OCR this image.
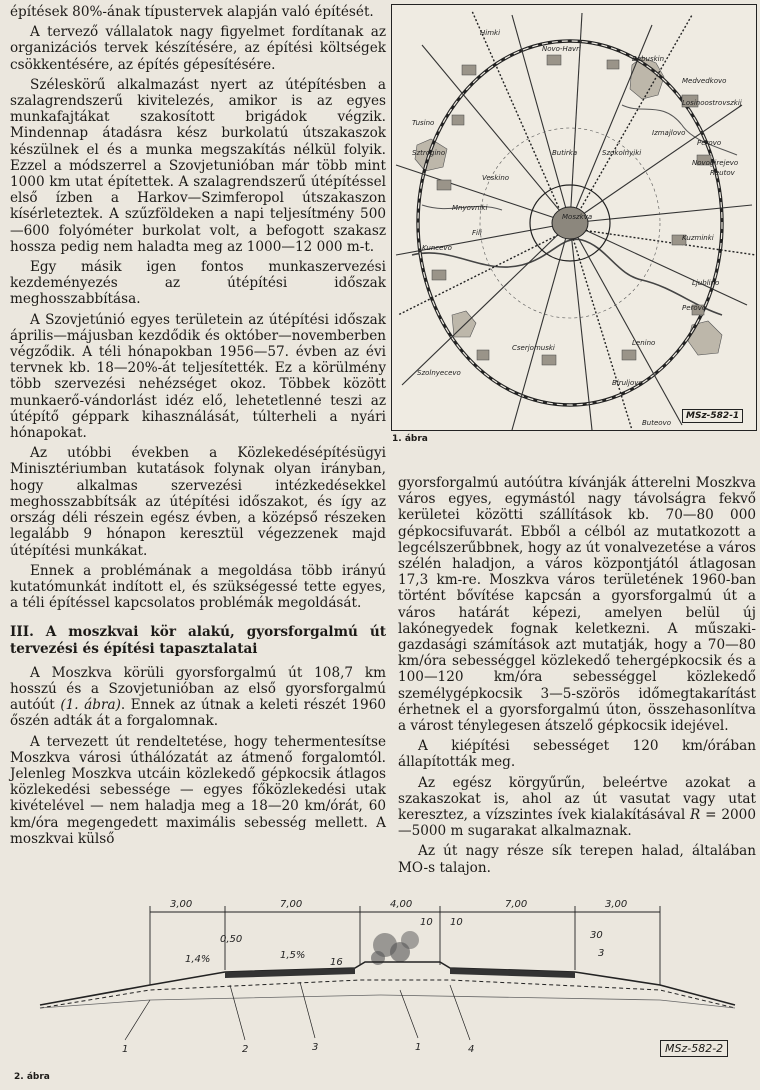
építések 80%-ának típustervek alapján való építését.

A tervező vállalatok nagy figyelmet fordítanak az organizációs tervek készítésére, az építési költségek csökkentésére, az építés gépesítésére.

Széleskörű alkalmazást nyert az útépítésben a szalagrendszerű kivitelezés, amikor is az egyes munkafajtákat szakosított brigádok végzik. Mindennap átadásra kész burkolatú útszakaszok készülnek el és a munka megszakítás nélkül folyik. Ezzel a módszerrel a Szovjetunióban már több mint 1000 km utat építettek. A szalagrendszerű útépítéssel első ízben a Harkov—Szimferopol útszakaszon kísérleteztek. A szűzföldeken a napi teljesítmény 500—600 folyóméter burkolat volt, a befogott szakasz hossza pedig nem haladta meg az 1000—12 000 m-t.

Egy másik igen fontos munkaszervezési kezdeményezés az útépítési időszak meghosszabbítása.

A Szovjetúnió egyes területein az útépítési időszak április—májusban kezdődik és október—novemberben végződik. A téli hónapokban 1956—57. évben az évi tervnek kb. 18—20%-át teljesítették. Ez a körülmény több szervezési nehézséget okoz. Többek között munkaerő-vándorlást idéz elő, lehetetlenné teszi az útépítő géppark kihasználását, túlterheli a nyári hónapokat.

Az utóbbi években a Közlekedésépítésügyi Minisztériumban kutatások folynak olyan irányban, hogy alkalmas szervezési intézkedésekkel meghosszabbítsák az útépítési időszakot, és így az ország déli részein egész évben, a középső részeken legalább 9 hónapon keresztül végezzenek majd útépítési munkákat.

Ennek a problémának a megoldása több irányú kutatómunkát indított el, és szükségessé tette egyes, a téli építéssel kapcsolatos problémák megoldását.

III. A moszkvai kör alakú, gyorsforgalmú út tervezési és építési tapasztalatai

A Moszkva körüli gyorsforgalmú út 108,7 km hosszú és a Szovjetunióban az első gyorsforgalmú autóút (1. ábra). Ennek az útnak a keleti részét 1960 őszén adták át a forgalomnak.

A tervezett út rendeltetése, hogy tehermentesítse Moszkva városi úthálózatát az átmenő forgalomtól. Jelenleg Moszkva utcáin közlekedő gépkocsik átlagos közlekedési sebessége — egyes főközlekedési utak kivételével — nem haladja meg a 18—20 km/órát, 60 km/óra megengedett maximális sebesség mellett. A moszkvai külső

Himki
Novo-Havri
Babuskin
Medvedkovo
Losinoostrovszkij
Perovo
Reutov
Novogirejevo
Kuzminki
Tusino
Szokolnyiki
Moszkva
Kuncevo
Sztrogino
Ljublino
Perovo
Lenino
Cserjomuski
Szolnyecevo
Biruljovo
Buteovo
Butirka
Veskino
Izmajlovo
Mnyovniki
Fili
MSz-582-1
1. ábra

gyorsforgalmú autóútra kívánják átterelni Moszkva város egyes, egymástól nagy távolságra fekvő kerületei közötti szállítások kb. 70—80 000 gépkocsifuvarát. Ebből a célból az mutatkozott a legcélszerűbbnek, hogy az út vonalvezetése a város szélén haladjon, a város központjától átlagosan 17,3 km-re. Moszkva város területének 1960-ban történt bővítése kapcsán a gyorsforgalmú út a város határát képezi, amelyen belül új lakónegyedek fognak keletkezni. A műszaki-gazdasági számítások azt mutatják, hogy a 70—80 km/óra sebességgel közlekedő tehergépkocsik és a 100—120 km/óra sebességgel közlekedő személygépkocsik 3—5-szörös időmegtakarítást érhetnek el a gyorsforgalmú úton, összehasonlítva a várost ténylegesen átszelő gépkocsik idejével.

A kiépítési sebességet 120 km/órában állapították meg.

Az egész körgyűrűn, beleértve azokat a szakaszokat is, ahol az út vasutat vagy utat keresztez, a vízszintes ívek kialakításával R = 2000—5000 m sugarakat alkalmaznak.

Az út nagy része sík terepen halad, általában MO-s talajon.

3,00	7,00	4,00	7,00	3,00
10 10
0,50	30
1,4%	1,5%
16
3
1	2	3	1	4	MSz-582-2
2. ábra
